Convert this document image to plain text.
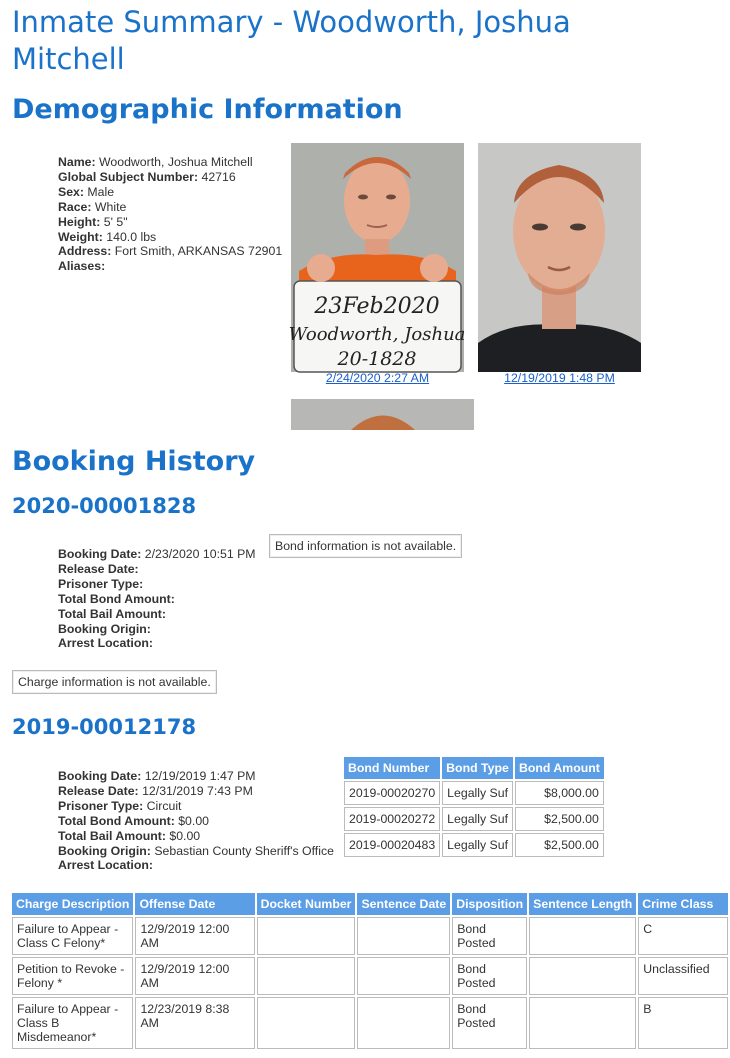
Inmate Summary - Woodworth, Joshua Mitchell
Demographic Information
Name: Woodworth, Joshua Mitchell
Global Subject Number: 42716
Sex: Male
Race: White
Height: 5' 5"
Weight: 140.0 lbs
Address: Fort Smith, ARKANSAS 72901
Aliases:
23Feb2020
Woodworth, Joshua
20-1828
2/24/2020 2:27 AM	12/19/2019 1:48 PM
Booking History
2020-00001828
Booking Date: 2/23/2020 10:51 PM
Release Date:
Prisoner Type:
Total Bond Amount:
Total Bail Amount:
Booking Origin:
Arrest Location:
Bond information is not available.
Charge information is not available.
2019-00012178
Booking Date: 12/19/2019 1:47 PM
Release Date: 12/31/2019 7:43 PM
Prisoner Type: Circuit
Total Bond Amount: $0.00
Total Bail Amount: $0.00
Booking Origin: Sebastian County Sheriff's Office
Arrest Location:
Bond Number	Bond Type	Bond Amount
2019-00020270	Legally Suf	$8,000.00
2019-00020272	Legally Suf	$2,500.00
2019-00020483	Legally Suf	$2,500.00
Charge Description	Offense Date	Docket Number	Sentence Date	Disposition	Sentence Length	Crime Class
Failure to Appear - Class C Felony*	12/9/2019 12:00 AM			Bond Posted		C
Petition to Revoke - Felony *	12/9/2019 12:00 AM			Bond Posted		Unclassified
Failure to Appear - Class B Misdemeanor*	12/23/2019 8:38 AM			Bond Posted		B
